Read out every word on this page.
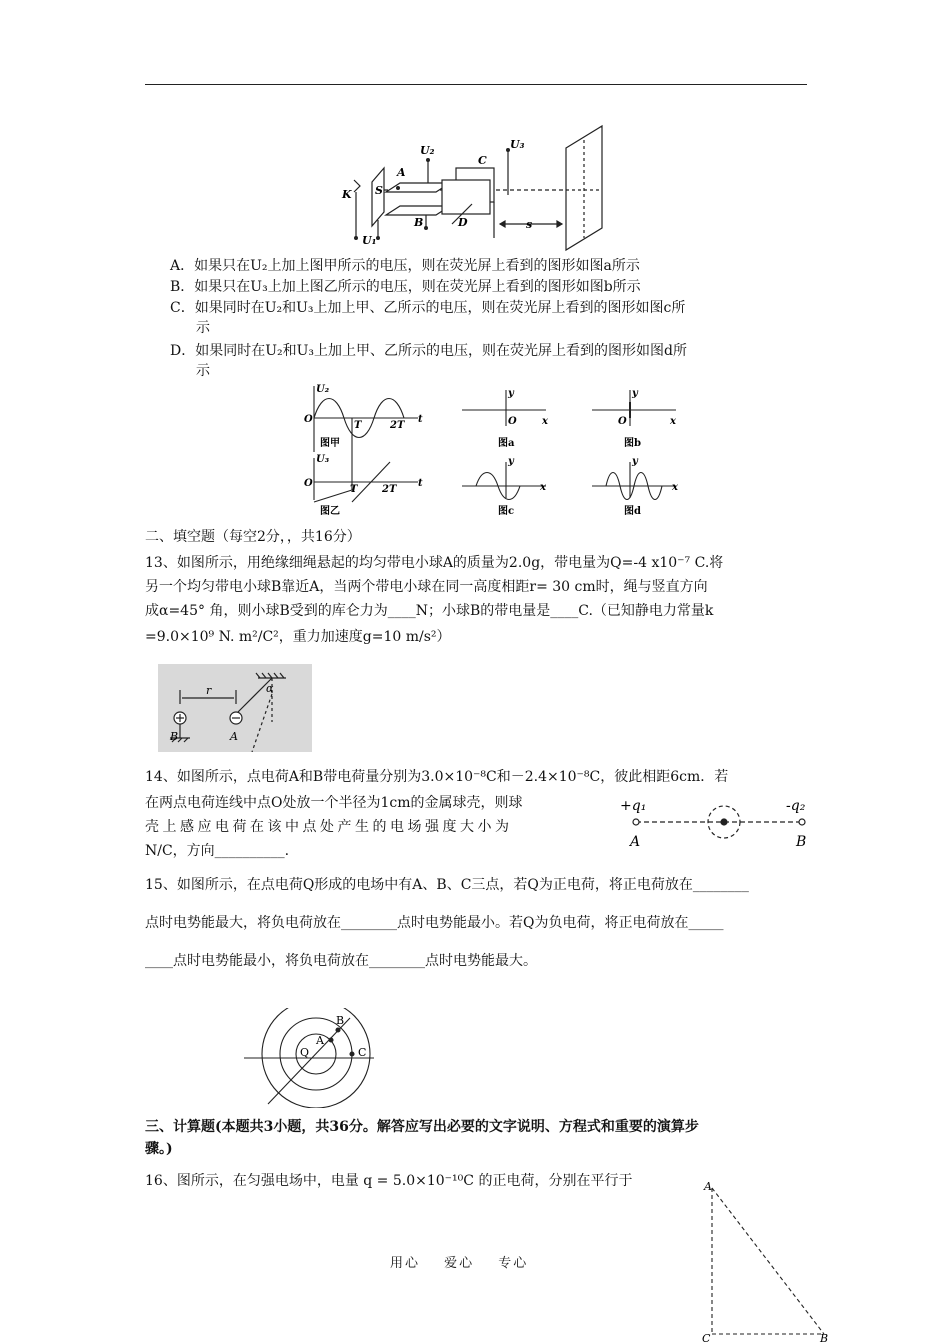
K S
A
B
C
D
U₁
U₂	U₃
s
A．如果只在U₂上加上图甲所示的电压，则在荧光屏上看到的图形如图a所示
B．如果只在U₃上加上图乙所示的电压，则在荧光屏上看到的图形如图b所示
C．如果同时在U₂和U₃上加上甲、乙所示的电压，则在荧光屏上看到的图形如图c所
示
D．如果同时在U₂和U₃上加上甲、乙所示的电压，则在荧光屏上看到的图形如图d所
示
U₂
O
T	2T
t
图甲
U₃
O
T 2T
t
图乙
y
O	x
图a
y
O	x
图b
y
x
图c
y
x
图d
二、填空题（每空2分，，共16分）
13、如图所示，用绝缘细绳悬起的均匀带电小球A的质量为2.0g，带电量为Q=-4 x10⁻⁷ C.将
另一个均匀带电小球B靠近A，当两个带电小球在同一高度相距r= 30 cm时，绳与竖直方向
成α=45° 角，则小球B受到的库仑力为____N；小球B的带电量是____C.（已知静电力常量k
=9.0×10⁹ N. m²/C²，重力加速度g=10 m/s²）
r	α
B	A
14、如图所示，点电荷A和B带电荷量分别为3.0×10⁻⁸C和－2.4×10⁻⁸C，彼此相距6cm．若
在两点电荷连线中点O处放一个半径为1cm的金属球壳，则球
壳上感应电荷在该中点处产生的电场强度大小为
N/C，方向__________.
+q₁	-q₂
A	B
15、如图所示，在点电荷Q形成的电场中有A、B、C三点，若Q为正电荷，将正电荷放在________
点时电势能最大，将负电荷放在________点时电势能最小。若Q为负电荷，将正电荷放在_____
____点时电势能最小，将负电荷放在________点时电势能最大。
Q
A
B
C
三、计算题(本题共3小题，共36分。解答应写出必要的文字说明、方程式和重要的演算步
骤。)
16、图所示，在匀强电场中，电量 q = 5.0×10⁻¹⁰C 的正电荷，分别在平行于	A
C	B
用心 爱心 专心
